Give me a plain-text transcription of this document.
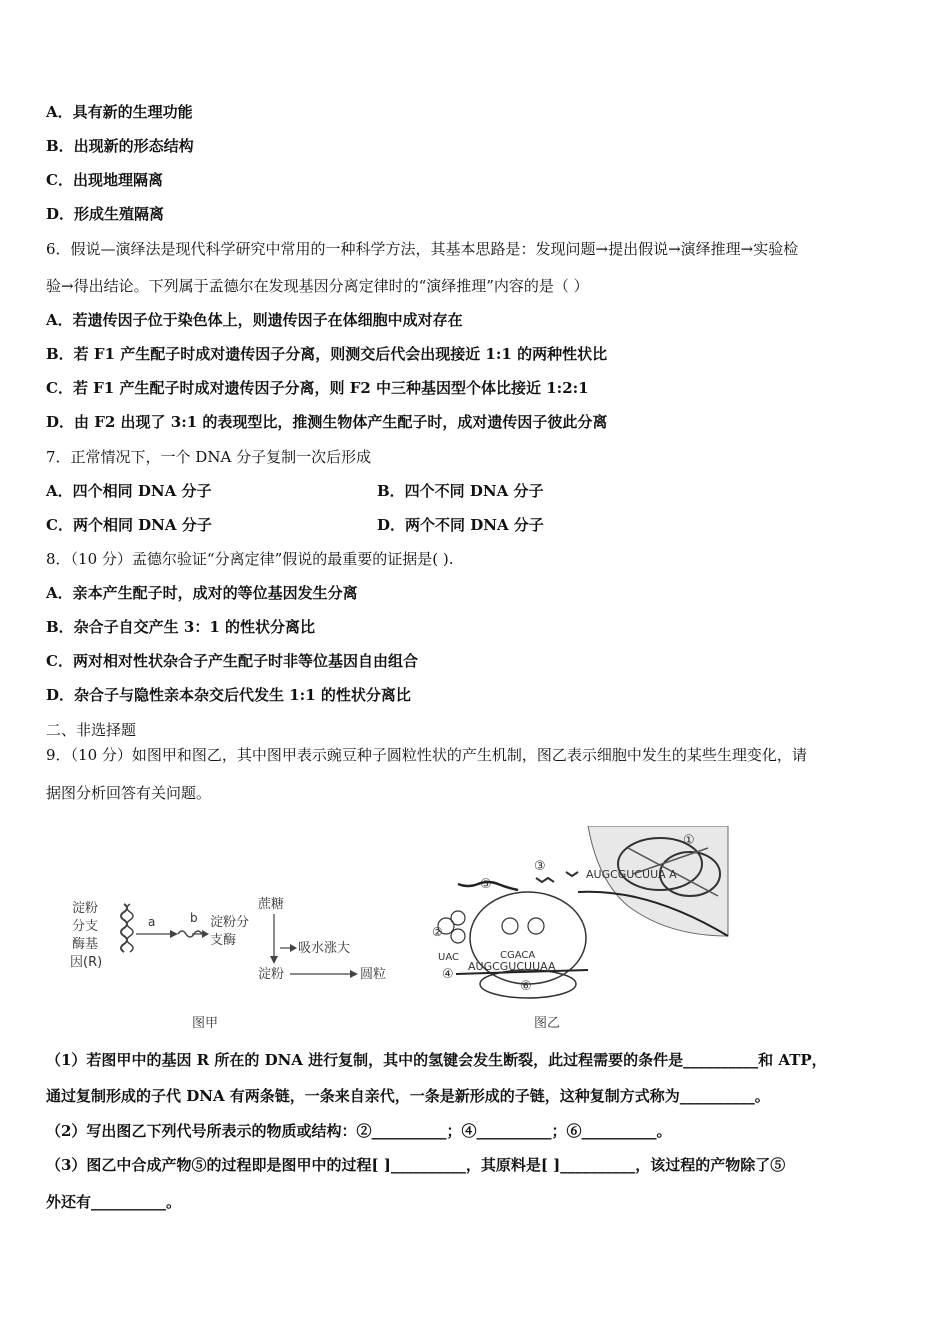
A．具有新的生理功能
B．出现新的形态结构
C．出现地理隔离
D．形成生殖隔离
6．假说—演绎法是现代科学研究中常用的一种科学方法，其基本思路是：发现问题→提出假说→演绎推理→实验检
验→得出结论。下列属于孟德尔在发现基因分离定律时的“演绎推理”内容的是（ ）
A．若遗传因子位于染色体上，则遗传因子在体细胞中成对存在
B．若 F1 产生配子时成对遗传因子分离，则测交后代会出现接近 1:1 的两种性状比
C．若 F1 产生配子时成对遗传因子分离，则 F2 中三种基因型个体比接近 1:2:1
D．由 F2 出现了 3:1 的表现型比，推测生物体产生配子时，成对遗传因子彼此分离
7．正常情况下，一个 DNA 分子复制一次后形成
A．四个相同 DNA 分子	B．四个不同 DNA 分子
C．两个相同 DNA 分子	D．两个不同 DNA 分子
8．（10 分）孟德尔验证“分离定律”假说的最重要的证据是( ).
A．亲本产生配子时，成对的等位基因发生分离
B．杂合子自交产生 3：1 的性状分离比
C．两对相对性状杂合子产生配子时非等位基因自由组合
D．杂合子与隐性亲本杂交后代发生 1:1 的性状分离比
二、非选择题
9．（10 分）如图甲和图乙，其中图甲表示豌豆种子圆粒性状的产生机制，图乙表示细胞中发生的某些生理变化，请
据图分析回答有关问题。
淀粉
分支
酶基
因(R)
a	b 淀粉分
支酶
蔗糖
吸水涨大
淀粉	圆粒
图甲
①
AUGCGUCUUA A
③
⑤
⑥
②
UAC	CGACA
AUGCGUCUUAA
④
图乙
（1）若图甲中的基因 R 所在的 DNA 进行复制，其中的氢键会发生断裂，此过程需要的条件是__________和 ATP，
通过复制形成的子代 DNA 有两条链，一条来自亲代，一条是新形成的子链，这种复制方式称为__________。
（2）写出图乙下列代号所表示的物质或结构：②__________；④__________；⑥__________。
（3）图乙中合成产物⑤的过程即是图甲中的过程[ ]__________，其原料是[ ]__________，该过程的产物除了⑤
外还有__________。
